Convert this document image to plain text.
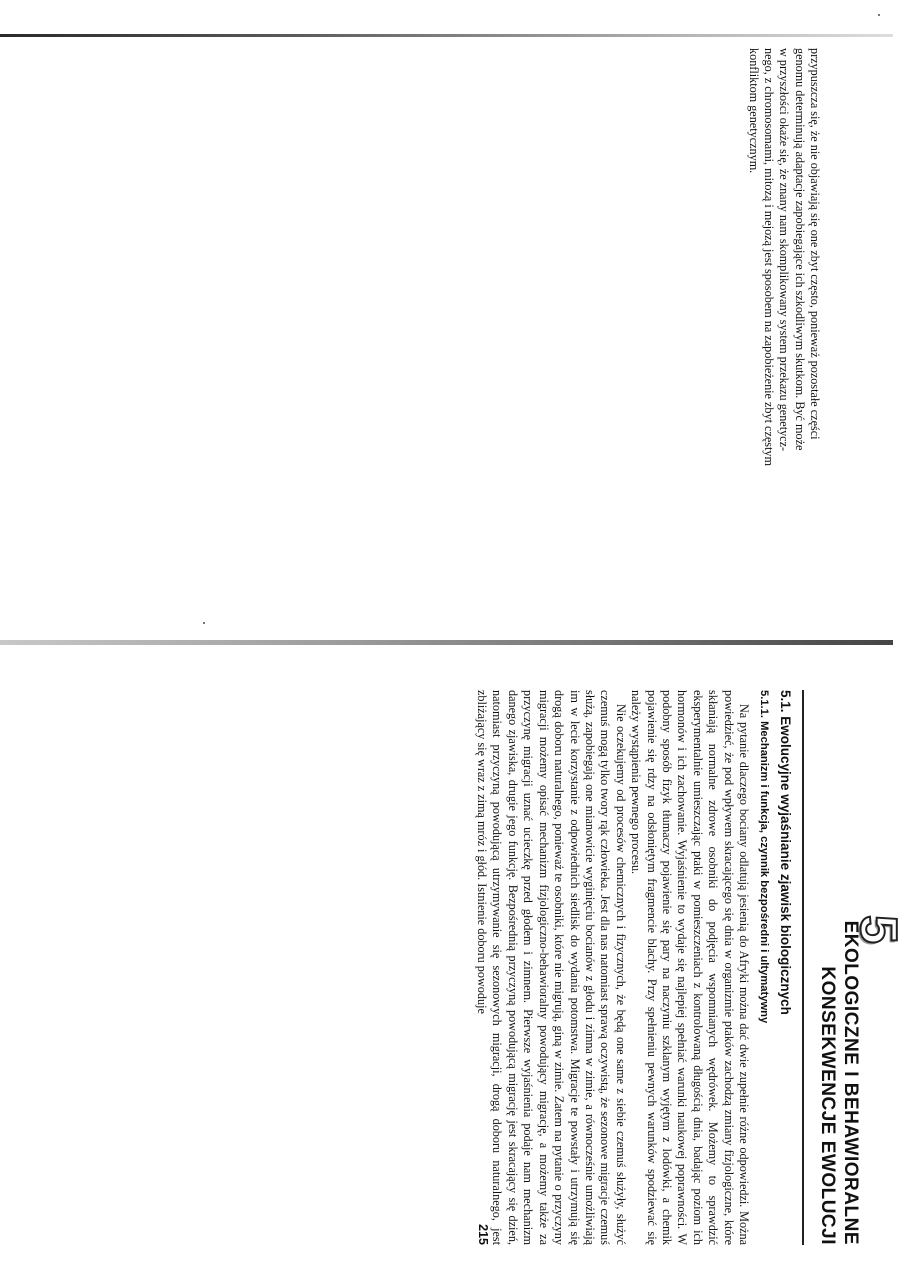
przypuszcza się, że nie objawiają się one zbyt często, ponieważ pozostałe części

genomu determinują adaptacje zapobiegające ich szkodliwym skutkom. Być może

w przyszłości okaże się, że znany nam skomplikowany system przekazu genetycz-

nego, z chromosomami, mitozą i mejozą jest sposobem na zapobieżenie zbyt częstym

konfliktom genetycznym.

5

EKOLOGICZNE I BEHAWIORALNE

KONSEKWENCJE EWOLUCJI

5.1. Ewolucyjne wyjaśnianie zjawisk biologicznych

5.1.1. Mechanizm i funkcja, czynnik bezpośredni i ultymatywny

Na pytanie dlaczego bociany odlatują jesienią do Afryki można dać dwie zupełnie różne odpowiedzi. Można powiedzieć, że pod wpływem skracającego się dnia w organizmie ptaków zachodzą zmiany fizjologiczne, które skłaniają normalne zdrowe osobniki do podjęcia wspomnianych wędrówek. Możemy to sprawdzić eksperymentalnie umieszczając ptaki w pomieszczeniach z kontrolowaną długością dnia, badając poziom ich hormonów i ich zachowanie. Wyjaśnienie to wydaje się najlepiej spełniać warunki naukowej poprawności. W podobny sposób fizyk tłumaczy pojawienie się pary na naczyniu szklanym wyjętym z lodówki, a chemik pojawienie się rdzy na odsłoniętym fragmencie blachy. Przy spełnieniu pewnych warunków spodziewać się należy wystąpienia pewnego procesu.

Nie oczekujemy od procesów chemicznych i fizycznych, że będą one same z siebie czemuś służyły, służyć czemuś mogą tylko twory rąk człowieka. Jest dla nas natomiast sprawą oczywistą, że sezonowe migracje czemuś służą, zapobiegają one mianowicie wyginięciu bocianów z głodu i zimna w zimie, a równocześnie umożliwiają im w lecie korzystanie z odpowiednich siedlisk do wydania potomstwa. Migracje te powstały i utrzymują się drogą doboru naturalnego, ponieważ te osobniki, które nie migrują, giną w zimie. Zatem na pytanie o przyczyny migracji możemy opisać mechanizm fizjologiczno-behawioralny powodujący migrację, a możemy także za przyczynę migracji uznać ucieczkę przed głodem i zimnem. Pierwsze wyjaśnienia podaje nam mechanizm danego zjawiska, drugie jego funkcję. Bezpośrednią przyczyną powodującą migrację jest skracający się dzień, natomiast przyczyną powodującą utrzymywanie się sezonowych migracji, drogą doboru naturalnego, jest zbliżający się wraz z zimą mróz i głód. Istnienie doboru powoduje

215
